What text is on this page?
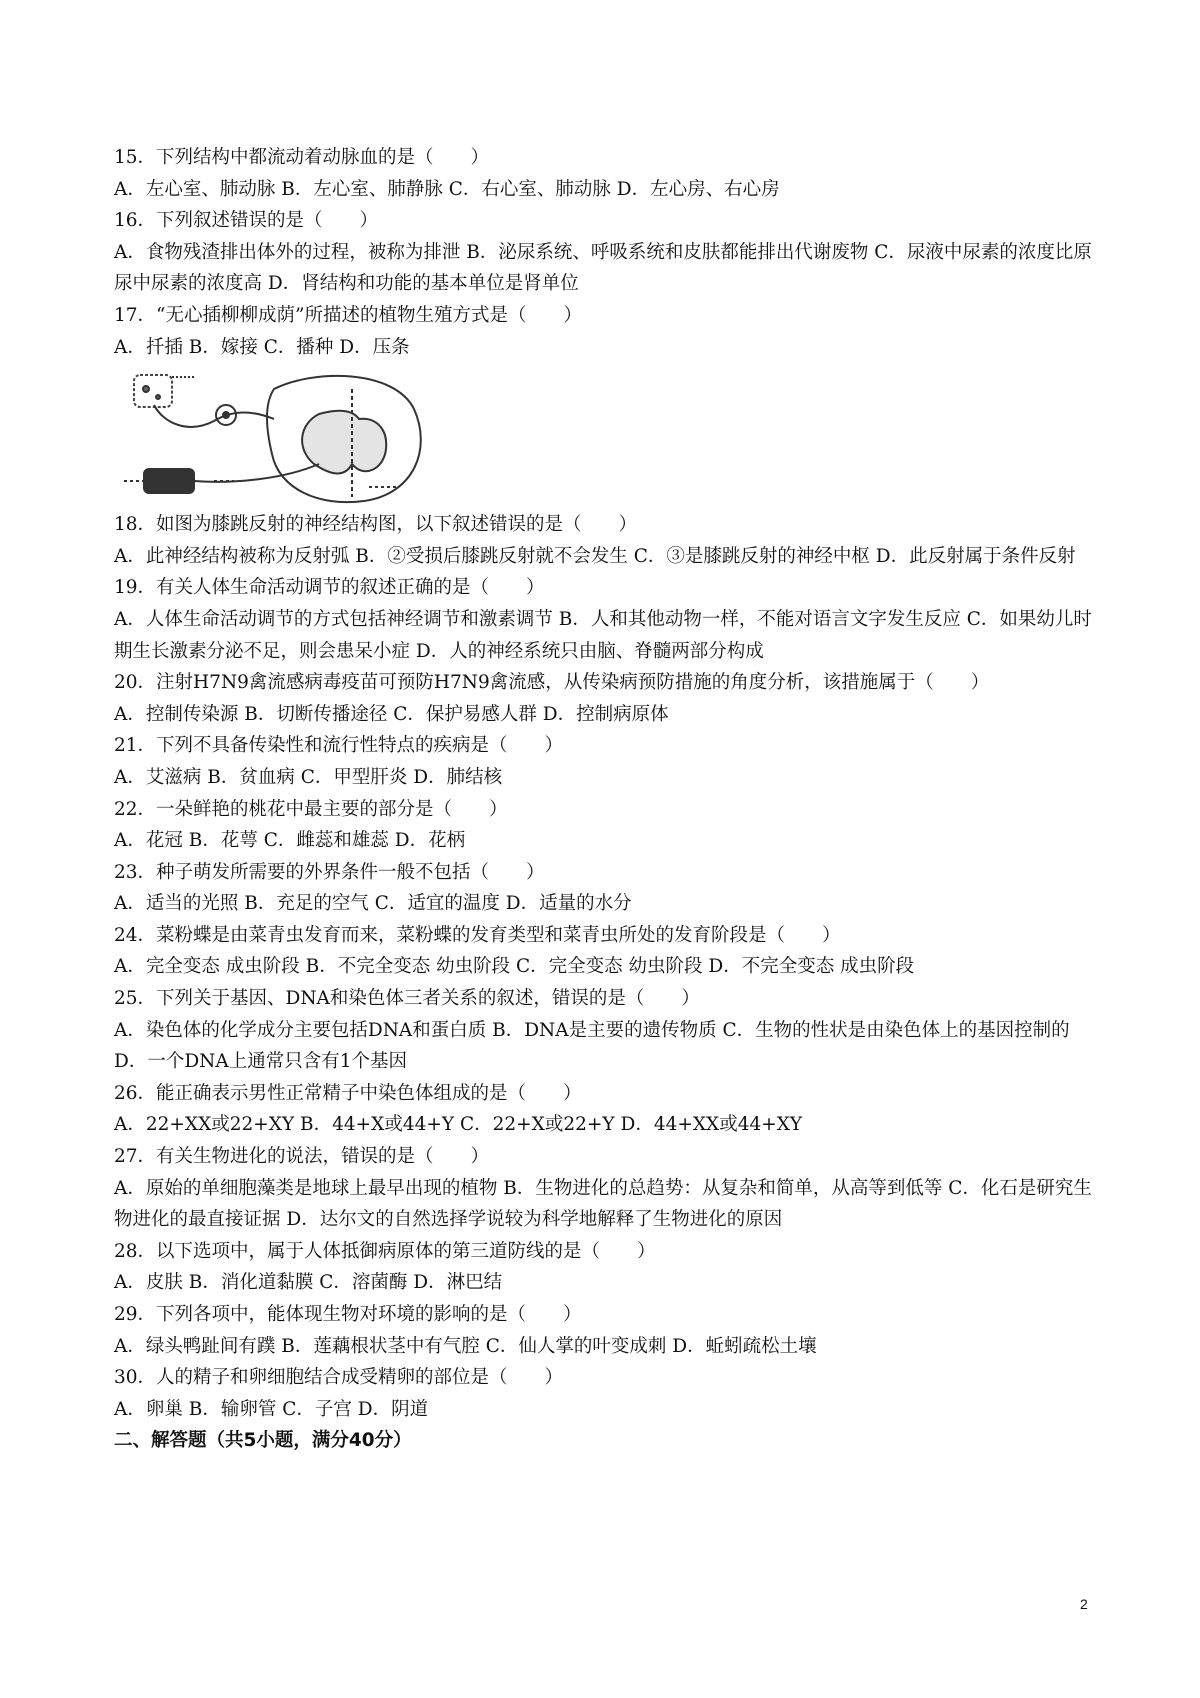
15．下列结构中都流动着动脉血的是（　　）
A．左心室、肺动脉 B．左心室、肺静脉 C．右心室、肺动脉 D．左心房、右心房
16．下列叙述错误的是（　　）
A．食物残渣排出体外的过程，被称为排泄 B．泌尿系统、呼吸系统和皮肤都能排出代谢废物 C．尿液中尿素的浓度比原尿中尿素的浓度高 D．肾结构和功能的基本单位是肾单位
17．“无心插柳柳成荫”所描述的植物生殖方式是（　　）
A．扦插 B．嫁接 C．播种 D．压条
18．如图为膝跳反射的神经结构图，以下叙述错误的是（　　）
A．此神经结构被称为反射弧 B．②受损后膝跳反射就不会发生 C．③是膝跳反射的神经中枢 D．此反射属于条件反射
19．有关人体生命活动调节的叙述正确的是（　　）
A．人体生命活动调节的方式包括神经调节和激素调节 B．人和其他动物一样，不能对语言文字发生反应 C．如果幼儿时期生长激素分泌不足，则会患呆小症 D．人的神经系统只由脑、脊髓两部分构成
20．注射H7N9禽流感病毒疫苗可预防H7N9禽流感，从传染病预防措施的角度分析，该措施属于（　　）
A．控制传染源 B．切断传播途径 C．保护易感人群 D．控制病原体
21．下列不具备传染性和流行性特点的疾病是（　　）
A．艾滋病 B．贫血病 C．甲型肝炎 D．肺结核
22．一朵鲜艳的桃花中最主要的部分是（　　）
A．花冠 B．花萼 C．雌蕊和雄蕊 D．花柄
23．种子萌发所需要的外界条件一般不包括（　　）
A．适当的光照 B．充足的空气 C．适宜的温度 D．适量的水分
24．菜粉蝶是由菜青虫发育而来，菜粉蝶的发育类型和菜青虫所处的发育阶段是（　　）
A．完全变态 成虫阶段 B．不完全变态 幼虫阶段 C．完全变态 幼虫阶段 D．不完全变态 成虫阶段
25．下列关于基因、DNA和染色体三者关系的叙述，错误的是（　　）
A．染色体的化学成分主要包括DNA和蛋白质 B．DNA是主要的遗传物质 C．生物的性状是由染色体上的基因控制的 D．一个DNA上通常只含有1个基因
26．能正确表示男性正常精子中染色体组成的是（　　）
A．22+XX或22+XY B．44+X或44+Y C．22+X或22+Y D．44+XX或44+XY
27．有关生物进化的说法，错误的是（　　）
A．原始的单细胞藻类是地球上最早出现的植物 B．生物进化的总趋势：从复杂和简单，从高等到低等 C．化石是研究生物进化的最直接证据 D．达尔文的自然选择学说较为科学地解释了生物进化的原因
28．以下选项中，属于人体抵御病原体的第三道防线的是（　　）
A．皮肤 B．消化道黏膜 C．溶菌酶 D．淋巴结
29．下列各项中，能体现生物对环境的影响的是（　　）
A．绿头鸭趾间有蹼 B．莲藕根状茎中有气腔 C．仙人掌的叶变成刺 D．蚯蚓疏松土壤
30．人的精子和卵细胞结合成受精卵的部位是（　　）
A．卵巢 B．输卵管 C．子宫 D．阴道
二、解答题（共5小题，满分40分）
2
